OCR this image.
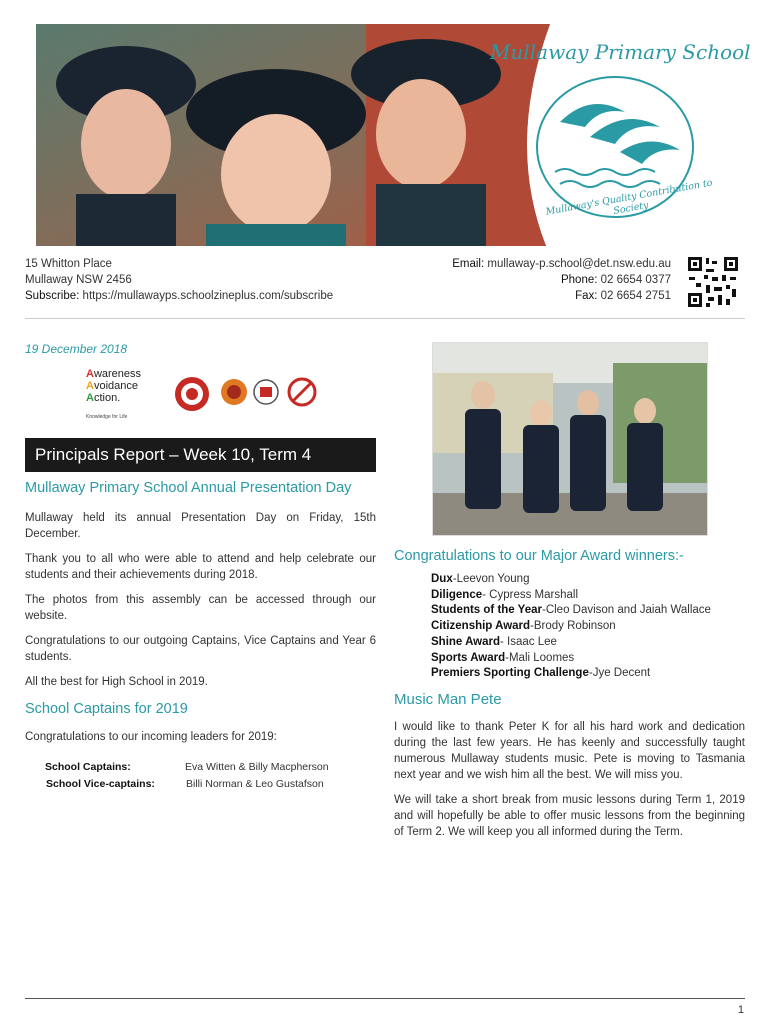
Mullaway Primary School
Mullaway's Quality Contribution to Society
15 Whitton Place
Mullaway NSW 2456
Subscribe: https://mullawayps.schoolzineplus.com/subscribe
Email: mullaway-p.school@det.nsw.edu.au
Phone: 02 6654 0377
Fax: 02 6654 2751
19 December 2018
Awareness
Avoidance
Action.
Knowledge for Life
Principals Report – Week 10, Term 4
Mullaway Primary School Annual Presentation Day

Mullaway held its annual Presentation Day on Friday, 15th December.

Thank you to all who were able to attend and help celebrate our students and their achievements during 2018.

The photos from this assembly can be accessed through our website.

Congratulations to our outgoing Captains, Vice Captains and Year 6 students.

All the best for High School in 2019.

School Captains for 2019

Congratulations to our incoming leaders for 2019:

School Captains:	Eva Witten & Billy Macpherson
School Vice-captains:	Billi Norman & Leo Gustafson
Congratulations to our Major Award winners:-
Dux-Leevon Young
Diligence- Cypress Marshall
Students of the Year-Cleo Davison and Jaiah Wallace
Citizenship Award-Brody Robinson
Shine Award- Isaac Lee
Sports Award-Mali Loomes
Premiers Sporting Challenge-Jye Decent
Music Man Pete

I would like to thank Peter K for all his hard work and dedication during the last few years. He has keenly and successfully taught numerous Mullaway students music. Pete is moving to Tasmania next year and we wish him all the best. We will miss you.

We will take a short break from music lessons during Term 1, 2019 and will hopefully be able to offer music lessons from the beginning of Term 2. We will keep you all informed during the Term.

1
